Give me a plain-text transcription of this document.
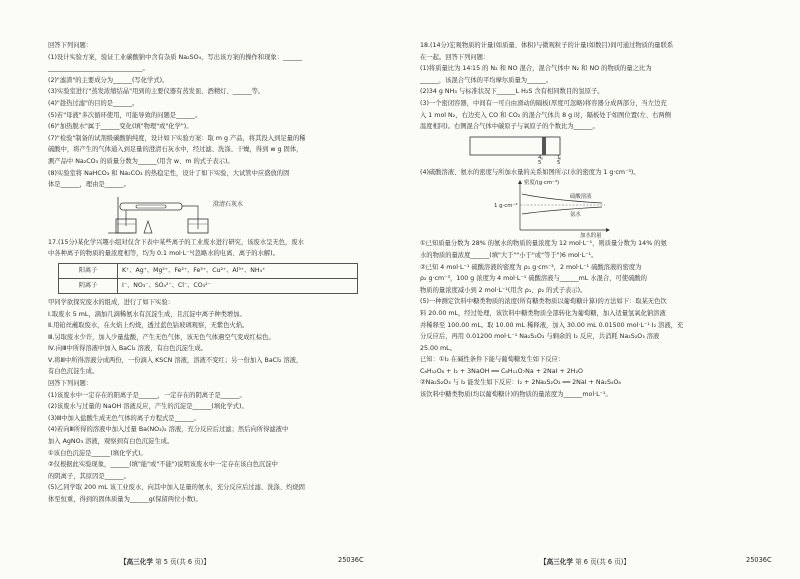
回答下列问题：
(1)设计实验方案，验证工业碳酸钠中含有杂质 Na₂SO₄，写出该方案的操作和现象：______
______________________________。
(2)"滤渣"的主要成分为______(写化学式)。
(3)实验室进行"蒸发浓缩结晶"用到的主要仪器有蒸发皿、酒精灯、______等。
(4)"趁热过滤"的目的是______。
(5)若"母液"多次循环使用，可能导致的问题是______。
(6)"加热脱水"属于______变化(填"物理"或"化学")。
(7)"检验"制备的试剂级碳酸钠纯度，设计如下实验方案：取 m g 产品，将其投入到足量的稀
硫酸中，将产生的气体通入到足量的澄清石灰水中，经过滤、洗涤、干燥，得到 w g 固体，
测产品中 Na₂CO₃ 的质量分数为______(用含 w、m 的式子表示)。
(8)实验室将 NaHCO₃ 和 Na₂CO₃ 的热稳定性，设计了如下实验，大试管中应盛放的固
体是______，理由是______。
澄清石灰水
17.(15分)某化学兴趣小组对仅含下表中某些离子的工业废水进行研究，该废水呈无色，废水
中各种离子的物质的量浓度相等，均为 0.1 mol·L⁻¹(忽略水的电离、离子的水解)。
阳离子	K⁺、Ag⁺、Mg²⁺、Fe²⁺、Fe³⁺、Cu²⁺、Al³⁺、NH₄⁺
阴离子	I⁻、NO₃⁻、SO₄²⁻、Cl⁻、CO₃²⁻
甲同学欲探究废水的组成，进行了如下实验：
Ⅰ.取废水 5 mL，滴加几滴稀氨水有沉淀生成，且沉淀中离子种类增加。
Ⅱ.用铂丝蘸取废水，在火焰上灼烧，透过蓝色钴玻璃观察，无紫色火焰。
Ⅲ.另取废水少许，加入少量盐酸，产生无色气体，该无色气体遇空气变成红棕色。
Ⅳ.向Ⅲ中所得溶液中加入 BaCl₂ 溶液，有白色沉淀生成。
Ⅴ.将Ⅲ中所得溶液分成两份，一份滴入 KSCN 溶液，溶液不变红；另一份加入 BaCl₂ 溶液，
有白色沉淀生成。
回答下列问题：
(1)该废水中一定存在的阳离子是______，一定存在的阴离子是______。
(2)该废水与过量的 NaOH 溶液反应，产生的沉淀是______(填化学式)。
(3)Ⅲ中加入盐酸生成无色气体的离子方程式是______。
(4)若向Ⅲ所得的溶液中加入过量 Ba(NO₃)₂ 溶液，充分反应后过滤；然后向所得滤液中
加入 AgNO₃ 溶液，观察到有白色沉淀生成。
①该白色沉淀是______(填化学式)。
②仅根据此实验现象，______(填"能"或"不能")说明该废水中一定存在该白色沉淀中
的阴离子，其原因是______。
(5)乙同学取 200 mL 该工业废水，向其中加入足量的氨水，充分反应后过滤、洗涤、灼烧固
体至恒重，得到的固体质量为______g(保留两位小数)。
18.(14分)宏观物质的计量(如质量、体积)与微观粒子的计量(如数目)间可通过物质的量联系
在一起。回答下列问题：
(1)将质量比为 14∶15 的 N₂ 和 NO 混合，混合气体中 N₂ 和 NO 的物质的量之比为
______，该混合气体的平均摩尔质量为______。
(2)34 g NH₃ 与标准状况下______L H₂S 含有相同数目的氢原子。
(3)一个密闭容器，中间有一可自由滑动的隔板(厚度可忽略)将容器分成两部分，当左边充
入 1 mol N₂，右边充入 CO 和 CO₂ 的混合气体共 8 g 时，隔板处于如图位置(左、右两侧
温度相同)。右侧混合气体中碳原子与氧原子的个数比为______。
4
5
1
5
(4)硫酸溶液、氨水的密度与所加水量的关系如图所示(水的密度为 1 g·cm⁻³)。
密度/(g·cm⁻³)
1 g·cm⁻³
硫酸溶液
氨水
加水的量
①已知质量分数为 28% 的氨水的物质的量浓度为 12 mol·L⁻¹，则质量分数为 14% 的氨
水的物质的量浓度______(填"大于""小于"或"等于")6 mol·L⁻¹。
②已知 4 mol·L⁻¹ 硫酸溶液的密度为 ρ₁ g·cm⁻³，2 mol·L⁻¹ 硫酸溶液的密度为
ρ₂ g·cm⁻³，100 g 浓度为 4 mol·L⁻¹ 硫酸溶液与______mL 水混合，可使硫酸的
物质的量浓度减小到 2 mol·L⁻¹(用含 ρ₁、ρ₂ 的式子表示)。
(5)一种测定饮料中糖类物质的浓度(所有糖类物质以葡萄糖计算)的方法如下：取某无色饮
料 20.00 mL，经过处理，该饮料中糖类物质全部转化为葡萄糖，加入适量氢氧化钠溶液
并稀释至 100.00 mL。取 10.00 mL 稀释液，加入 30.00 mL 0.01500 mol·L⁻¹ I₂ 溶液，充
分反应后，再用 0.01200 mol·L⁻¹ Na₂S₂O₃ 与剩余的 I₂ 反应，共消耗 Na₂S₂O₃ 溶液
25.00 mL。
已知：①I₂ 在碱性条件下能与葡萄糖发生如下反应：
C₆H₁₂O₆ + I₂ + 3NaOH ══ C₆H₁₁O₇Na + 2NaI + 2H₂O
②Na₂S₂O₃ 与 I₂ 能发生如下反应：I₂ + 2Na₂S₂O₃ ══ 2NaI + Na₂S₄O₆
该饮料中糖类物质(均以葡萄糖计)的物质的量浓度为______mol·L⁻¹。
【高三化学 第 5 页(共 6 页)】	25036C	【高三化学 第 6 页(共 6 页)】	25036C
